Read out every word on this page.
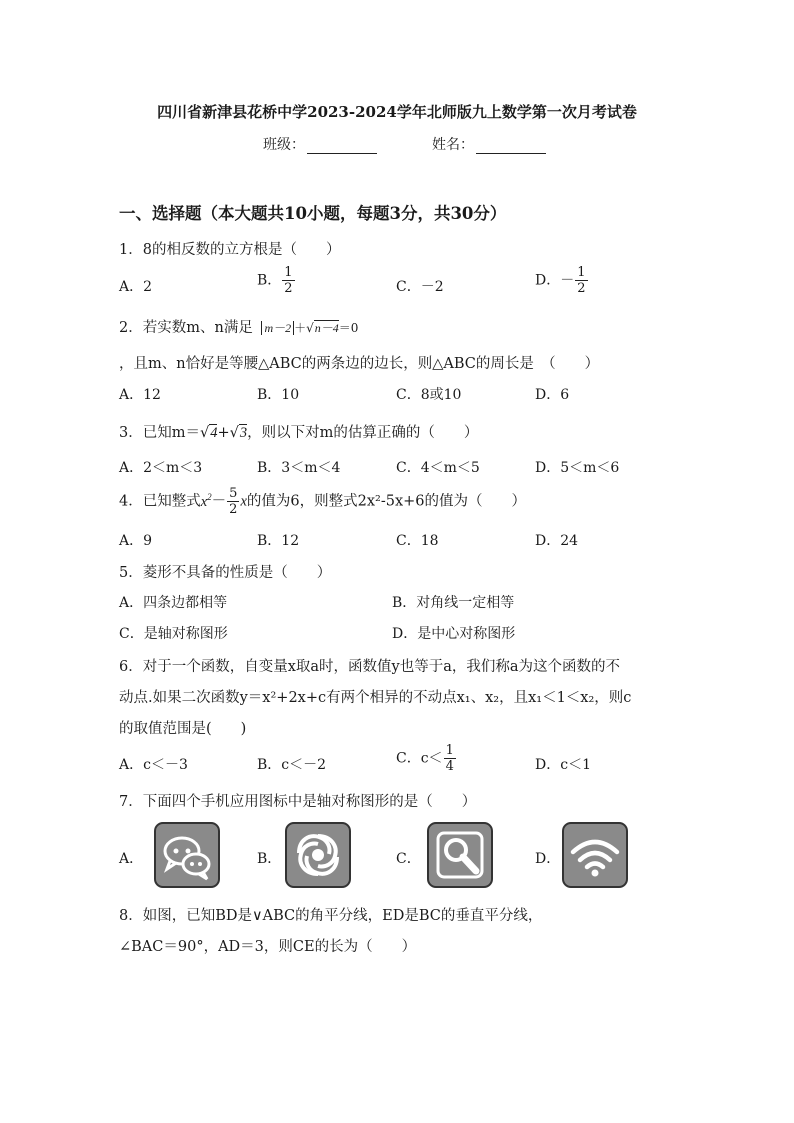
四川省新津县花桥中学2023-2024学年北师版九上数学第一次月考试卷
班级：	姓名：
一、选择题（本大题共10小题，每题3分，共30分）
1．8的相反数的立方根是（　　）
A．2	B． $\frac{1}{2}$	C．－2	D．－ $\frac{1}{2}$
2．若实数m、n满足 m－2 ＋√n－4＝0
，且m、n恰好是等腰△ABC的两条边的边长，则△ABC的周长是　（　　）
A．12	B．10	C．8或10	D．6
3．已知m＝√4+√3，则以下对m的估算正确的（　　）
A．2＜m＜3	B．3＜m＜4	C．4＜m＜5	D．5＜m＜6
4．已知整式$x^2- \frac{5}{2}$ x的值为6，则整式2x²-5x+6的值为（　　）
A．9	B．12	C．18	D．24
5．菱形不具备的性质是（　　）
A．四条边都相等	B．对角线一定相等
C．是轴对称图形	D．是中心对称图形
6．对于一个函数，自变量x取a时，函数值y也等于a，我们称a为这个函数的不
动点.如果二次函数y＝x²+2x+c有两个相异的不动点x₁、x₂，且x₁＜1＜x₂，则c
的取值范围是(　　)
A．c＜－3	B．c＜－2	C．$c< \frac{1}{4}$	D．c＜1
7．下面四个手机应用图标中是轴对称图形的是（　　）
A．	B．	C．	D．
8．如图，已知BD是∨ABC的角平分线，ED是BC的垂直平分线，
∠BAC＝90°，AD＝3，则CE的长为（　　）
